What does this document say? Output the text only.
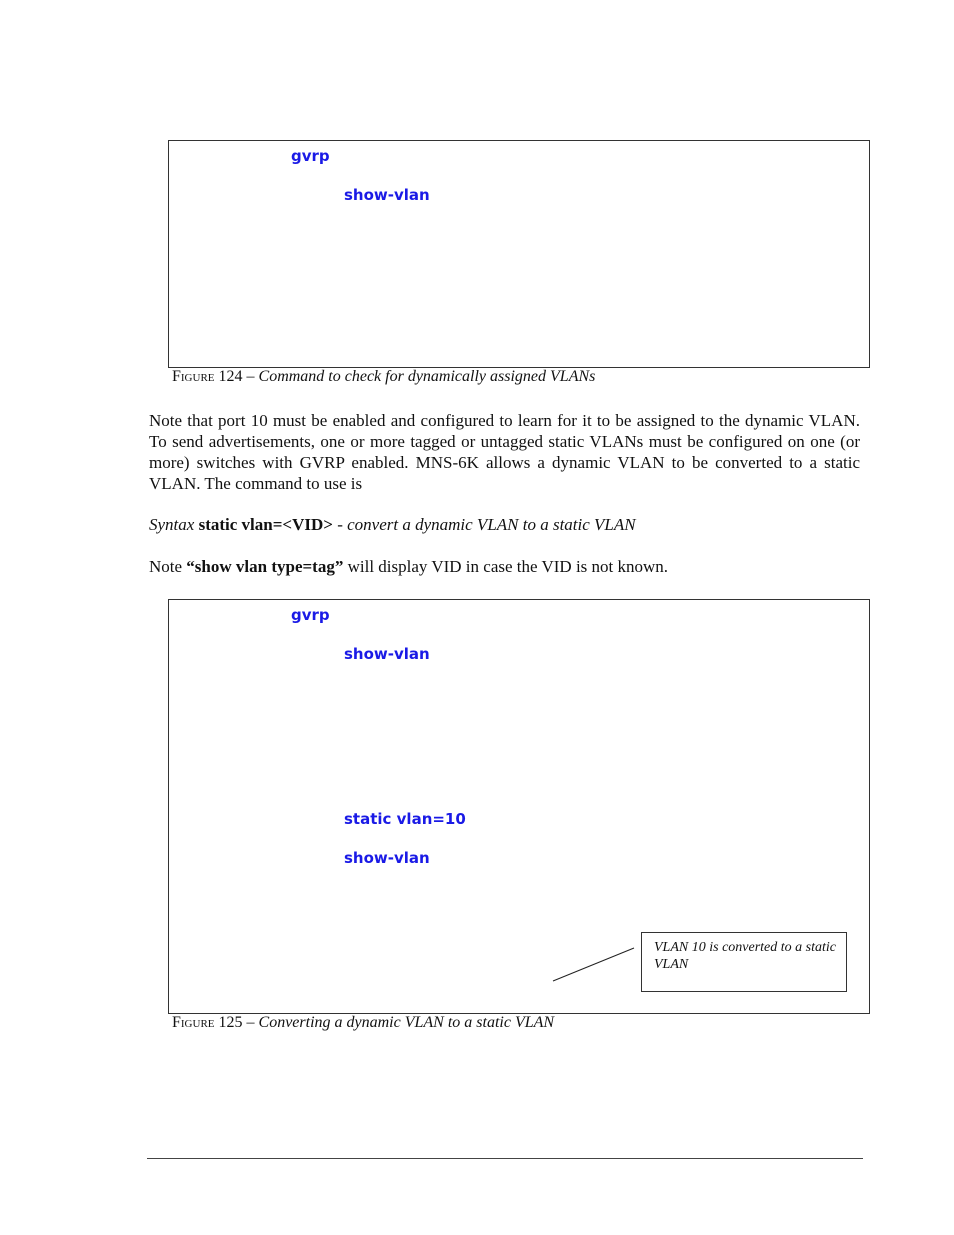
gvrp
show-vlan
Figure 124 – Command to check for dynamically assigned VLANs
Note that port 10 must be enabled and configured to learn for it to be assigned to the dynamic VLAN. To send advertisements, one or more tagged or untagged static VLANs must be configured on one (or more) switches with GVRP enabled. MNS-6K allows a dynamic VLAN to be converted to a static VLAN. The command to use is
Syntax static vlan=<VID> - convert a dynamic VLAN to a static VLAN
Note “show vlan type=tag” will display VID in case the VID is not known.
gvrp
show-vlan
static vlan=10
show-vlan
VLAN 10 is converted to a static VLAN
Figure 125 – Converting a dynamic VLAN to a static VLAN
